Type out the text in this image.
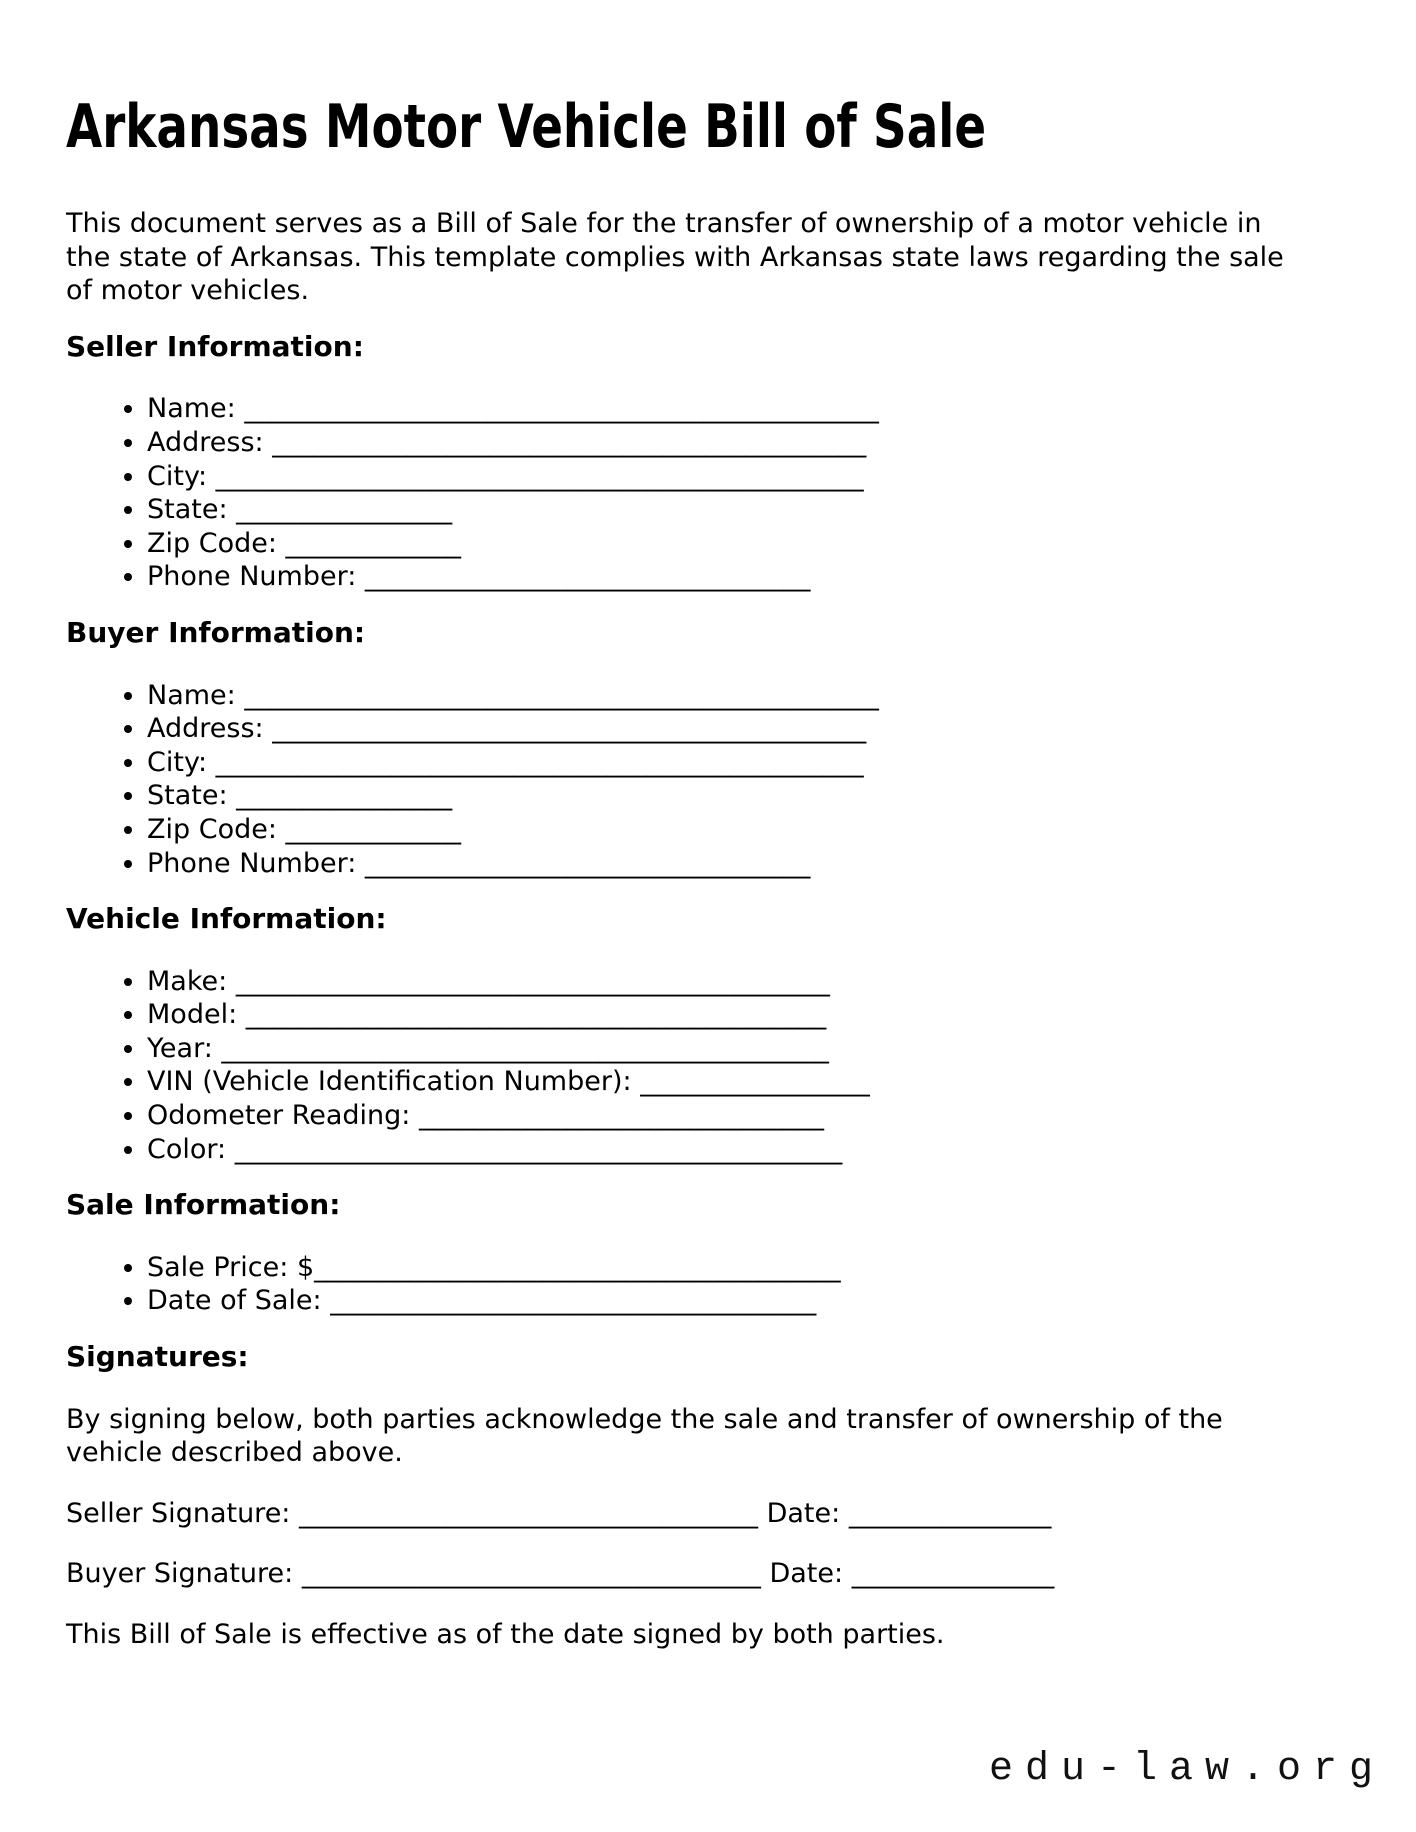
Arkansas Motor Vehicle Bill of Sale

This document serves as a Bill of Sale for the transfer of ownership of a motor vehicle in
the state of Arkansas. This template complies with Arkansas state laws regarding the sale
of motor vehicles.

Seller Information:
• Name: _______________________________________________
• Address: ____________________________________________
• City: ________________________________________________
• State: ________________
• Zip Code: _____________
• Phone Number: _________________________________
Buyer Information:
• Name: _______________________________________________
• Address: ____________________________________________
• City: ________________________________________________
• State: ________________
• Zip Code: _____________
• Phone Number: _________________________________
Vehicle Information:
• Make: ____________________________________________
• Model: ___________________________________________
• Year: _____________________________________________
• VIN (Vehicle Identification Number): _________________
• Odometer Reading: ______________________________
• Color: _____________________________________________
Sale Information:
• Sale Price: $_______________________________________
• Date of Sale: ____________________________________
Signatures:

By signing below, both parties acknowledge the sale and transfer of ownership of the
vehicle described above.

Seller Signature: __________________________________ Date: _______________

Buyer Signature: __________________________________ Date: _______________

This Bill of Sale is effective as of the date signed by both parties.

edu-law.org
